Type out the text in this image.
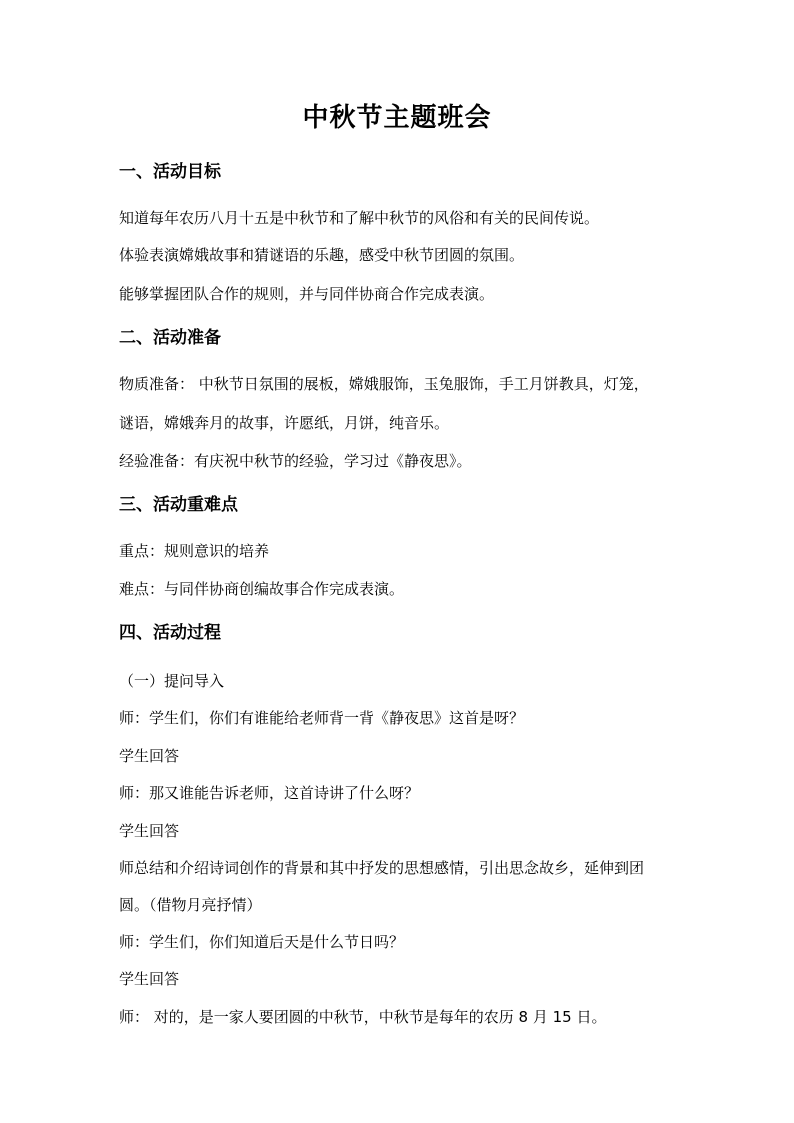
中秋节主题班会
一、活动目标
知道每年农历八月十五是中秋节和了解中秋节的风俗和有关的民间传说。
体验表演嫦娥故事和猜谜语的乐趣，感受中秋节团圆的氛围。
能够掌握团队合作的规则，并与同伴协商合作完成表演。
二、活动准备
物质准备： 中秋节日氛围的展板，嫦娥服饰，玉兔服饰，手工月饼教具，灯笼，
谜语，嫦娥奔月的故事，许愿纸，月饼，纯音乐。
经验准备：有庆祝中秋节的经验，学习过《静夜思》。
三、活动重难点
重点：规则意识的培养
难点：与同伴协商创编故事合作完成表演。
四、活动过程
（一）提问导入
师：学生们，你们有谁能给老师背一背《静夜思》这首是呀？
学生回答
师：那又谁能告诉老师，这首诗讲了什么呀？
学生回答
师总结和介绍诗词创作的背景和其中抒发的思想感情，引出思念故乡，延伸到团
圆。（借物月亮抒情）
师：学生们，你们知道后天是什么节日吗？
学生回答
师： 对的，是一家人要团圆的中秋节，中秋节是每年的农历 8 月 15 日。
